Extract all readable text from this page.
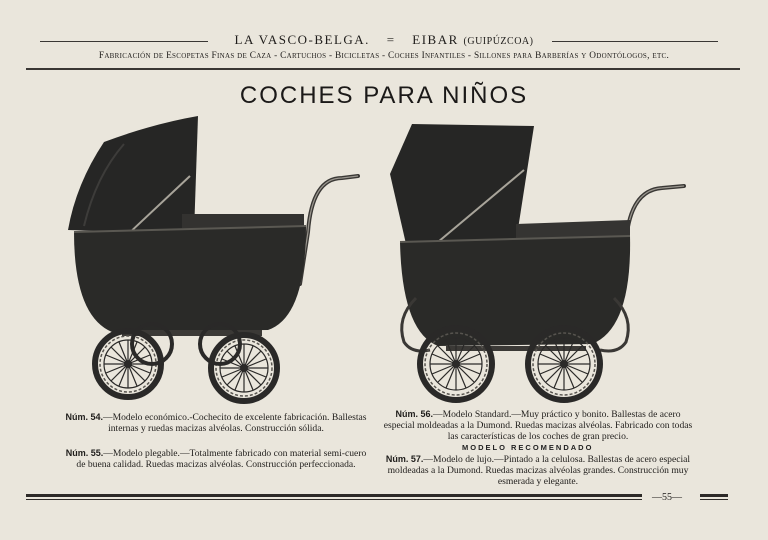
LA VASCO-BELGA. = EIBAR (GUIPÚZCOA)
Fabricación de Escopetas Finas de Caza - Cartuchos - Bicicletas - Coches Infantiles - Sillones para Barberías y Odontólogos, etc.
COCHES PARA NIÑOS
Núm. 54.—Modelo económico.-Cochecito de excelente fabricación. Ballestas internas y ruedas macizas alvéolas. Construcción sólida.
Núm. 55.—Modelo plegable.—Totalmente fabricado con material semi-cuero de buena calidad. Ruedas macizas alvéolas. Construcción perfeccionada.
Núm. 56.—Modelo Standard.—Muy práctico y bonito. Ballestas de acero especial moldeadas a la Dumond. Ruedas macizas alvéolas. Fabricado con todas las características de los coches de gran precio.
MODELO RECOMENDADO
Núm. 57.—Modelo de lujo.—Pintado a la celulosa. Ballestas de acero especial moldeadas a la Dumond. Ruedas macizas alvéolas grandes. Construcción muy esmerada y elegante.
—55—
